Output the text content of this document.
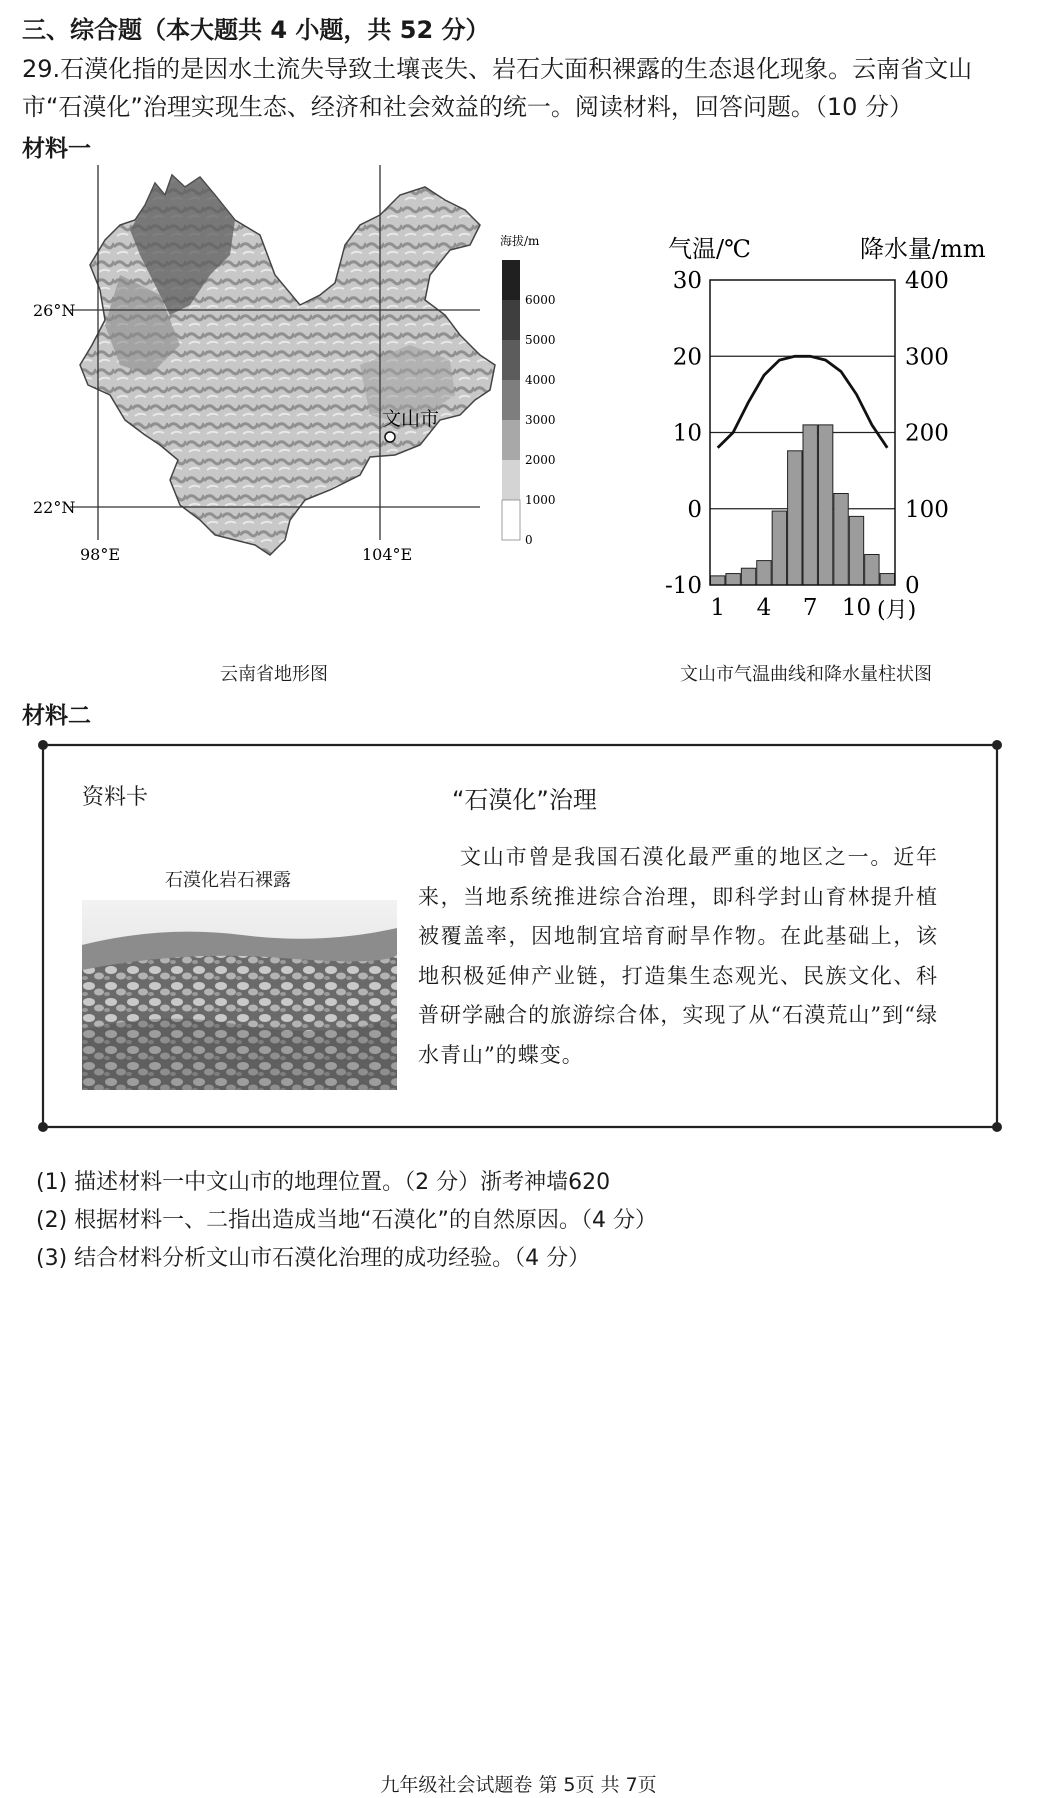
三、综合题（本大题共 4 小题，共 52 分）
29.石漠化指的是因水土流失导致土壤丧失、岩石大面积裸露的生态退化现象。云南省文山市“石漠化”治理实现生态、经济和社会效益的统一。阅读材料，回答问题。（10 分）
材料一
26°N
22°N
98°E	104°E
文山市
海拔/m
6000
5000
4000
3000
2000
1000
0
云南省地形图
气温/℃	降水量/mm
30	400
20	300
10	200
0	100
-10	0
1 4 7 10 (月)
文山市气温曲线和降水量柱状图
材料二
资料卡	“石漠化”治理
石漠化岩石裸露
文山市曾是我国石漠化最严重的地区之一。近年来，当地系统推进综合治理，即科学封山育林提升植被覆盖率，因地制宜培育耐旱作物。在此基础上，该地积极延伸产业链，打造集生态观光、民族文化、科普研学融合的旅游综合体，实现了从“石漠荒山”到“绿水青山”的蝶变。
(1) 描述材料一中文山市的地理位置。（2 分）浙考神墙620
(2) 根据材料一、二指出造成当地“石漠化”的自然原因。（4 分）
(3) 结合材料分析文山市石漠化治理的成功经验。（4 分）
九年级社会试题卷 第 5页 共 7页
